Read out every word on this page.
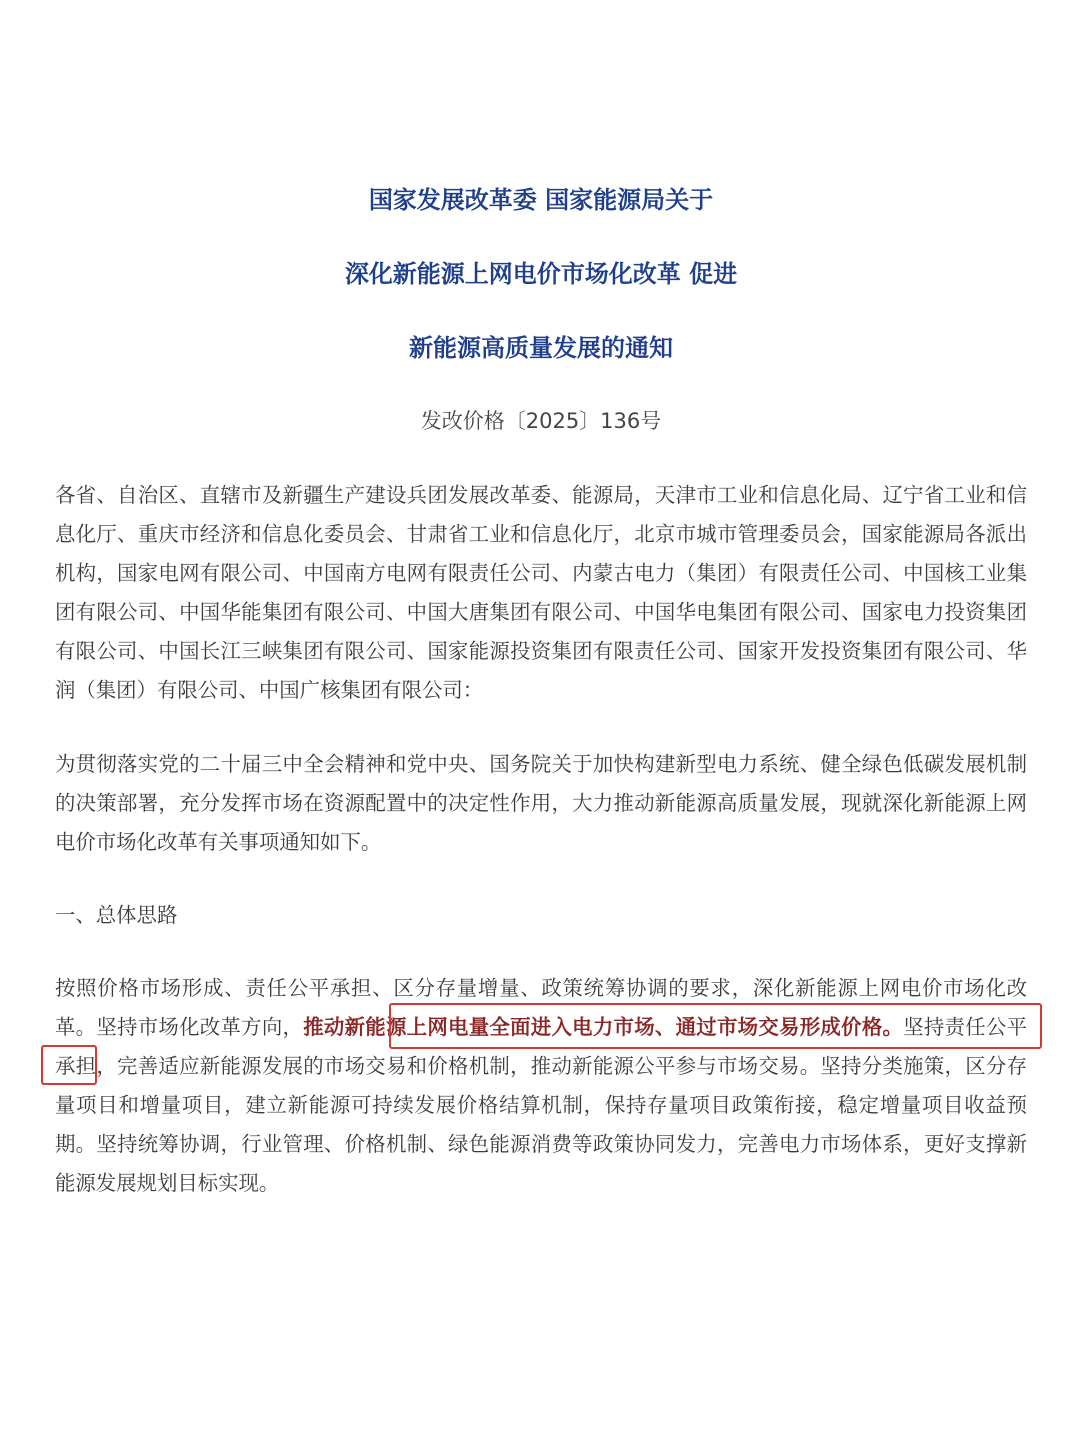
国家发展改革委 国家能源局关于
深化新能源上网电价市场化改革 促进
新能源高质量发展的通知
发改价格〔2025〕136号

各省、自治区、直辖市及新疆生产建设兵团发展改革委、能源局，天津市工业和信息化局、辽宁省工业和信息化厅、重庆市经济和信息化委员会、甘肃省工业和信息化厅，北京市城市管理委员会，国家能源局各派出机构，国家电网有限公司、中国南方电网有限责任公司、内蒙古电力（集团）有限责任公司、中国核工业集团有限公司、中国华能集团有限公司、中国大唐集团有限公司、中国华电集团有限公司、国家电力投资集团有限公司、中国长江三峡集团有限公司、国家能源投资集团有限责任公司、国家开发投资集团有限公司、华润（集团）有限公司、中国广核集团有限公司：

为贯彻落实党的二十届三中全会精神和党中央、国务院关于加快构建新型电力系统、健全绿色低碳发展机制的决策部署，充分发挥市场在资源配置中的决定性作用，大力推动新能源高质量发展，现就深化新能源上网电价市场化改革有关事项通知如下。

一、总体思路

按照价格市场形成、责任公平承担、区分存量增量、政策统筹协调的要求，深化新能源上网电价市场化改革。坚持市场化改革方向，推动新能源上网电量全面进入电力市场、通过市场交易形成价格。坚持责任公平承担，完善适应新能源发展的市场交易和价格机制，推动新能源公平参与市场交易。坚持分类施策，区分存量项目和增量项目，建立新能源可持续发展价格结算机制，保持存量项目政策衔接，稳定增量项目收益预期。坚持统筹协调，行业管理、价格机制、绿色能源消费等政策协同发力，完善电力市场体系，更好支撑新能源发展规划目标实现。
